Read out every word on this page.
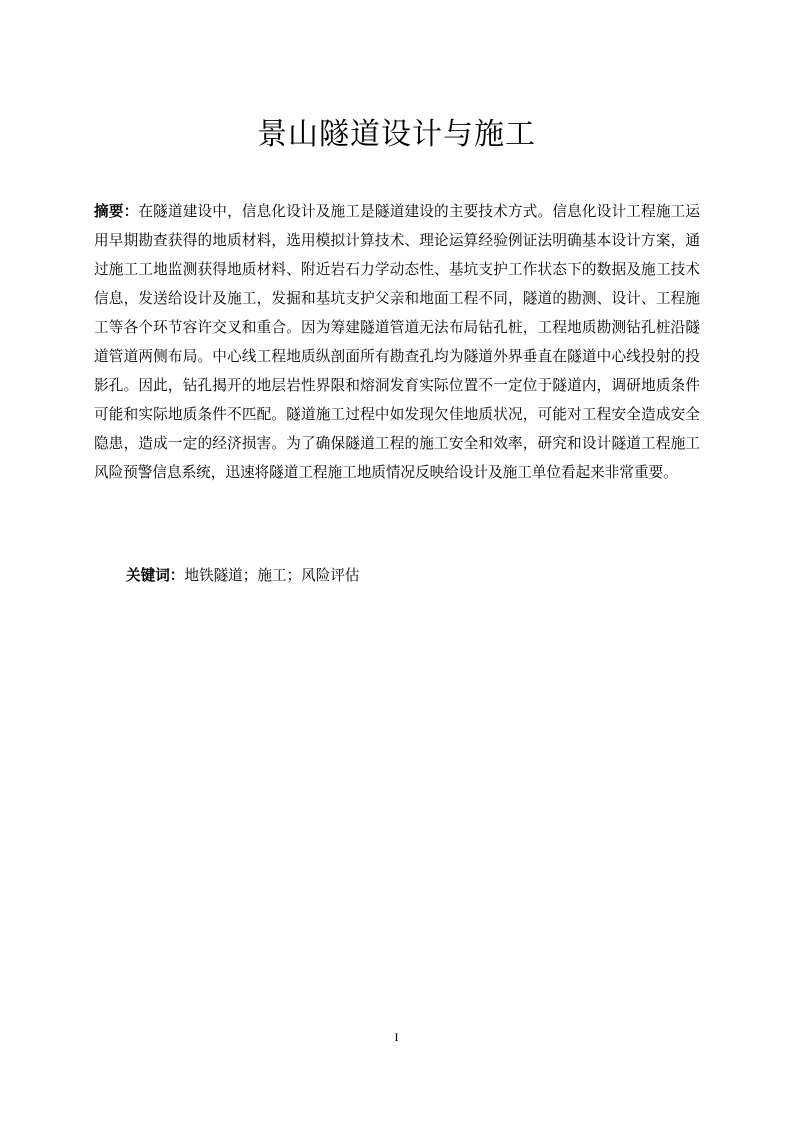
景山隧道设计与施工

摘要：在隧道建设中，信息化设计及施工是隧道建设的主要技术方式。信息化设计工程施工运用早期勘查获得的地质材料，选用模拟计算技术、理论运算经验例证法明确基本设计方案，通过施工工地监测获得地质材料、附近岩石力学动态性、基坑支护工作状态下的数据及施工技术信息，发送给设计及施工，发掘和基坑支护父亲和地面工程不同，隧道的勘测、设计、工程施工等各个环节容许交叉和重合。因为筹建隧道管道无法布局钻孔桩，工程地质勘测钻孔桩沿隧道管道两侧布局。中心线工程地质纵剖面所有勘查孔均为隧道外界垂直在隧道中心线投射的投影孔。因此，钻孔揭开的地层岩性界限和熔洞发育实际位置不一定位于隧道内，调研地质条件可能和实际地质条件不匹配。隧道施工过程中如发现欠佳地质状况，可能对工程安全造成安全隐患，造成一定的经济损害。为了确保隧道工程的施工安全和效率，研究和设计隧道工程施工风险预警信息系统，迅速将隧道工程施工地质情况反映给设计及施工单位看起来非常重要。

关键词：地铁隧道；施工；风险评估

I
